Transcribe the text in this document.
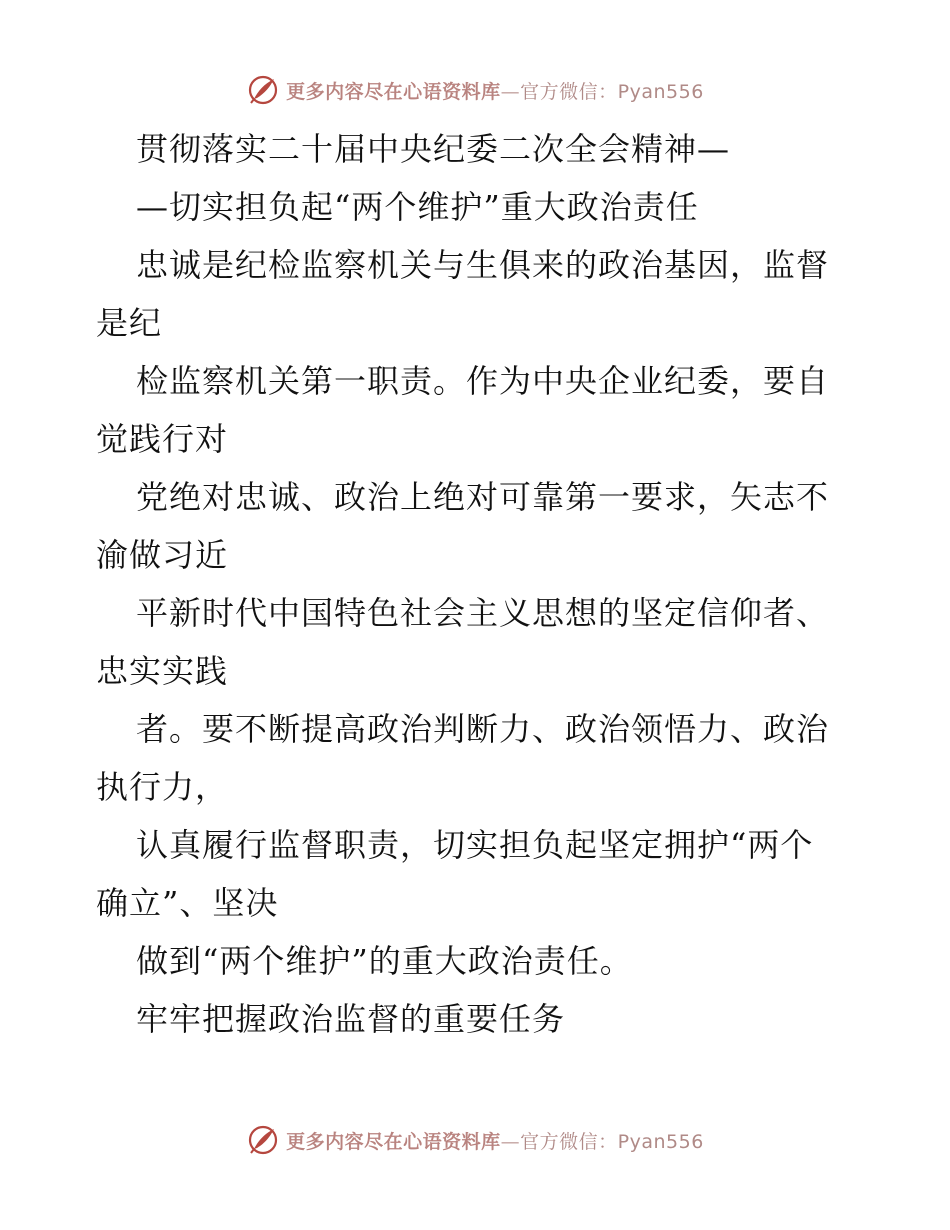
更多内容尽在心语资料库—官方微信：Pyan556
贯彻落实二十届中央纪委二次全会精神—
—切实担负起“两个维护”重大政治责任
忠诚是纪检监察机关与生俱来的政治基因，监督
是纪
检监察机关第一职责。作为中央企业纪委，要自
觉践行对
党绝对忠诚、政治上绝对可靠第一要求，矢志不
渝做习近
平新时代中国特色社会主义思想的坚定信仰者、
忠实实践
者。要不断提高政治判断力、政治领悟力、政治
执行力，
认真履行监督职责，切实担负起坚定拥护“两个
确立”、坚决
做到“两个维护”的重大政治责任。
牢牢把握政治监督的重要任务
更多内容尽在心语资料库—官方微信：Pyan556
